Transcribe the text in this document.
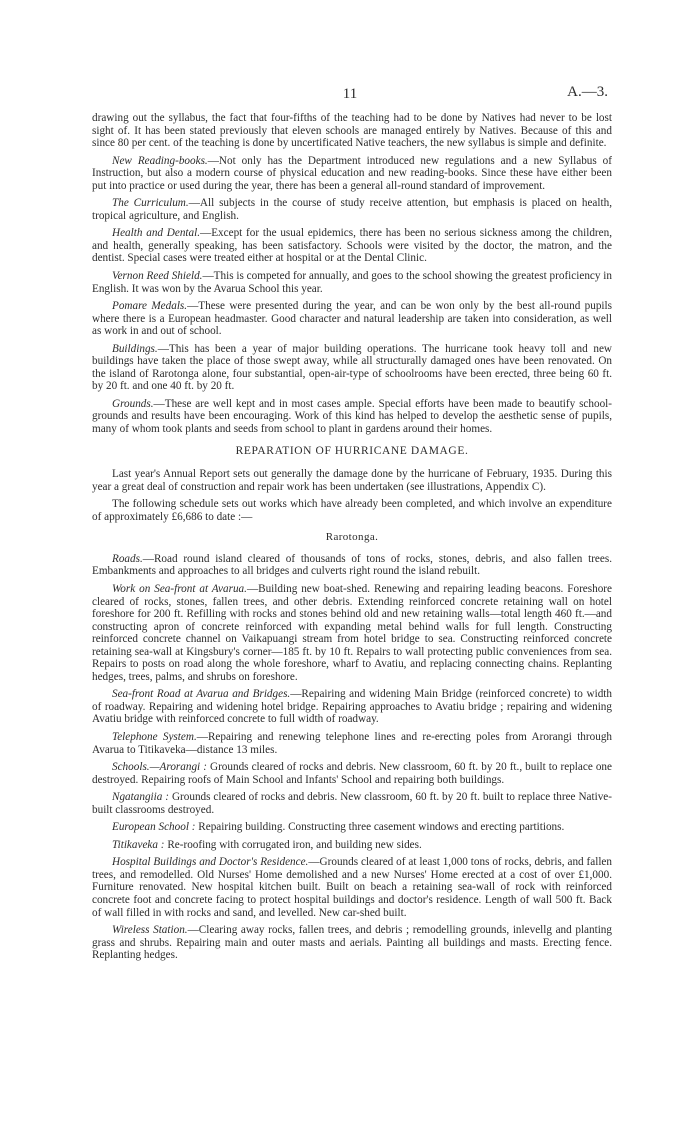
11	A.—3.

drawing out the syllabus, the fact that four-fifths of the teaching had to be done by Natives had never to be lost sight of. It has been stated previously that eleven schools are managed entirely by Natives. Because of this and since 80 per cent. of the teaching is done by uncertificated Native teachers, the new syllabus is simple and definite.

New Reading-books.—Not only has the Department introduced new regulations and a new Syllabus of Instruction, but also a modern course of physical education and new reading-books. Since these have either been put into practice or used during the year, there has been a general all-round standard of improvement.

The Curriculum.—All subjects in the course of study receive attention, but emphasis is placed on health, tropical agriculture, and English.

Health and Dental.—Except for the usual epidemics, there has been no serious sickness among the children, and health, generally speaking, has been satisfactory. Schools were visited by the doctor, the matron, and the dentist. Special cases were treated either at hospital or at the Dental Clinic.

Vernon Reed Shield.—This is competed for annually, and goes to the school showing the greatest proficiency in English. It was won by the Avarua School this year.

Pomare Medals.—These were presented during the year, and can be won only by the best all-round pupils where there is a European headmaster. Good character and natural leadership are taken into consideration, as well as work in and out of school.

Buildings.—This has been a year of major building operations. The hurricane took heavy toll and new buildings have taken the place of those swept away, while all structurally damaged ones have been renovated. On the island of Rarotonga alone, four substantial, open-air-type of schoolrooms have been erected, three being 60 ft. by 20 ft. and one 40 ft. by 20 ft.

Grounds.—These are well kept and in most cases ample. Special efforts have been made to beautify school-grounds and results have been encouraging. Work of this kind has helped to develop the aesthetic sense of pupils, many of whom took plants and seeds from school to plant in gardens around their homes.

REPARATION OF HURRICANE DAMAGE.

Last year's Annual Report sets out generally the damage done by the hurricane of February, 1935. During this year a great deal of construction and repair work has been undertaken (see illustrations, Appendix C).

The following schedule sets out works which have already been completed, and which involve an expenditure of approximately £6,686 to date :—

Rarotonga.

Roads.—Road round island cleared of thousands of tons of rocks, stones, debris, and also fallen trees. Embankments and approaches to all bridges and culverts right round the island rebuilt.

Work on Sea-front at Avarua.—Building new boat-shed. Renewing and repairing leading beacons. Foreshore cleared of rocks, stones, fallen trees, and other debris. Extending reinforced concrete retaining wall on hotel foreshore for 200 ft. Refilling with rocks and stones behind old and new retaining walls—total length 460 ft.—and constructing apron of concrete reinforced with expanding metal behind walls for full length. Constructing reinforced concrete channel on Vaikapuangi stream from hotel bridge to sea. Constructing reinforced concrete retaining sea-wall at Kingsbury's corner—185 ft. by 10 ft. Repairs to wall protecting public conveniences from sea. Repairs to posts on road along the whole foreshore, wharf to Avatiu, and replacing connecting chains. Replanting hedges, trees, palms, and shrubs on foreshore.

Sea-front Road at Avarua and Bridges.—Repairing and widening Main Bridge (reinforced concrete) to width of roadway. Repairing and widening hotel bridge. Repairing approaches to Avatiu bridge ; repairing and widening Avatiu bridge with reinforced concrete to full width of roadway.

Telephone System.—Repairing and renewing telephone lines and re-erecting poles from Arorangi through Avarua to Titikaveka—distance 13 miles.

Schools.—Arorangi : Grounds cleared of rocks and debris. New classroom, 60 ft. by 20 ft., built to replace one destroyed. Repairing roofs of Main School and Infants' School and repairing both buildings.

Ngatangiia : Grounds cleared of rocks and debris. New classroom, 60 ft. by 20 ft. built to replace three Native-built classrooms destroyed.

European School : Repairing building. Constructing three casement windows and erecting partitions.

Titikaveka : Re-roofing with corrugated iron, and building new sides.

Hospital Buildings and Doctor's Residence.—Grounds cleared of at least 1,000 tons of rocks, debris, and fallen trees, and remodelled. Old Nurses' Home demolished and a new Nurses' Home erected at a cost of over £1,000. Furniture renovated. New hospital kitchen built. Built on beach a retaining sea-wall of rock with reinforced concrete foot and concrete facing to protect hospital buildings and doctor's residence. Length of wall 500 ft. Back of wall filled in with rocks and sand, and levelled. New car-shed built.

Wireless Station.—Clearing away rocks, fallen trees, and debris ; remodelling grounds, inlevellg and planting grass and shrubs. Repairing main and outer masts and aerials. Painting all buildings and masts. Erecting fence. Replanting hedges.
